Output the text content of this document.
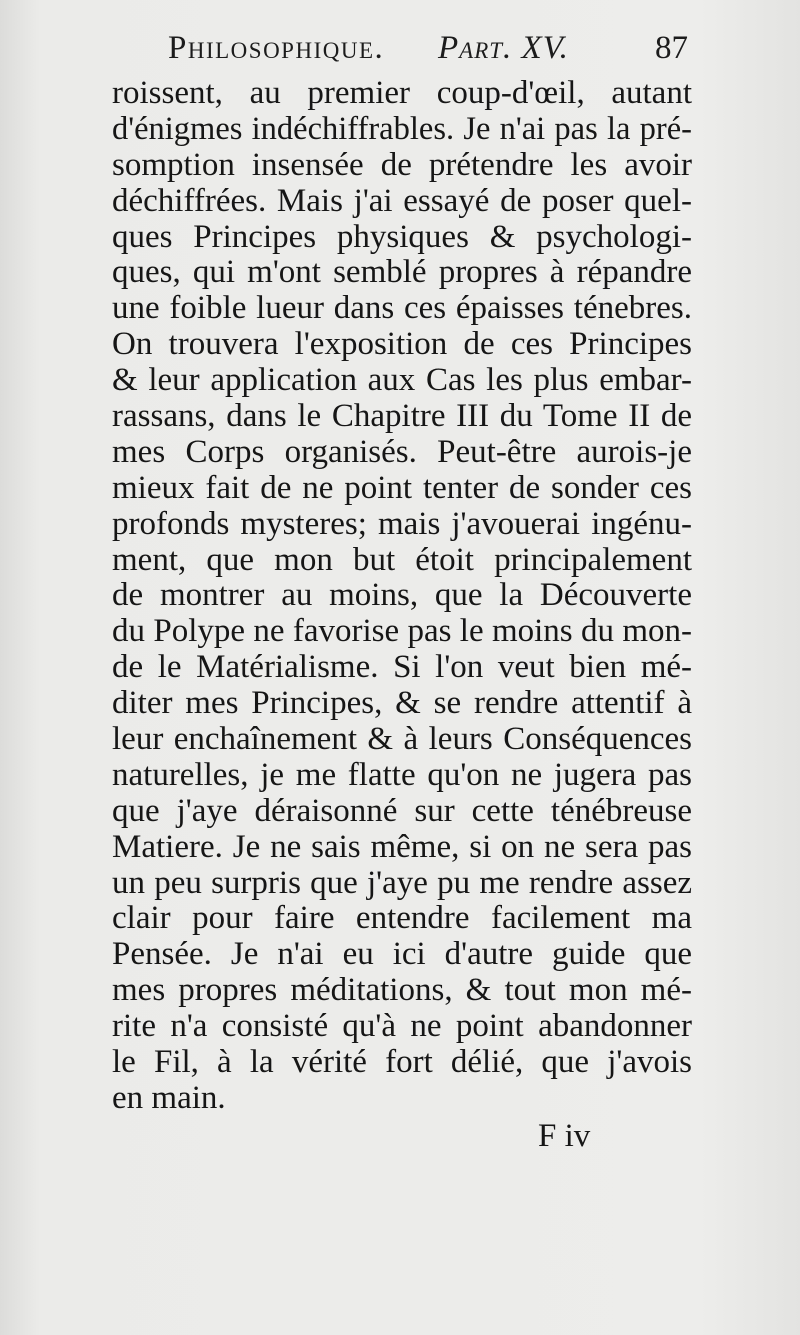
Philosophique. Part. XV.	87
roissent, au premier coup-d'œil, autant
d'énigmes indéchiffrables. Je n'ai pas la pré-
somption insensée de prétendre les avoir
déchiffrées. Mais j'ai essayé de poser quel-
ques Principes physiques & psychologi-
ques, qui m'ont semblé propres à répandre
une foible lueur dans ces épaisses ténebres.
On trouvera l'exposition de ces Principes
& leur application aux Cas les plus embar-
rassans, dans le Chapitre III du Tome II de
mes Corps organisés. Peut-être aurois-je
mieux fait de ne point tenter de sonder ces
profonds mysteres; mais j'avouerai ingénu-
ment, que mon but étoit principalement
de montrer au moins, que la Découverte
du Polype ne favorise pas le moins du mon-
de le Matérialisme. Si l'on veut bien mé-
diter mes Principes, & se rendre attentif à
leur enchaînement & à leurs Conséquences
naturelles, je me flatte qu'on ne jugera pas
que j'aye déraisonné sur cette ténébreuse
Matiere. Je ne sais même, si on ne sera pas
un peu surpris que j'aye pu me rendre assez
clair pour faire entendre facilement ma
Pensée. Je n'ai eu ici d'autre guide que
mes propres méditations, & tout mon mé-
rite n'a consisté qu'à ne point abandonner
le Fil, à la vérité fort délié, que j'avois
en main.
F iv
